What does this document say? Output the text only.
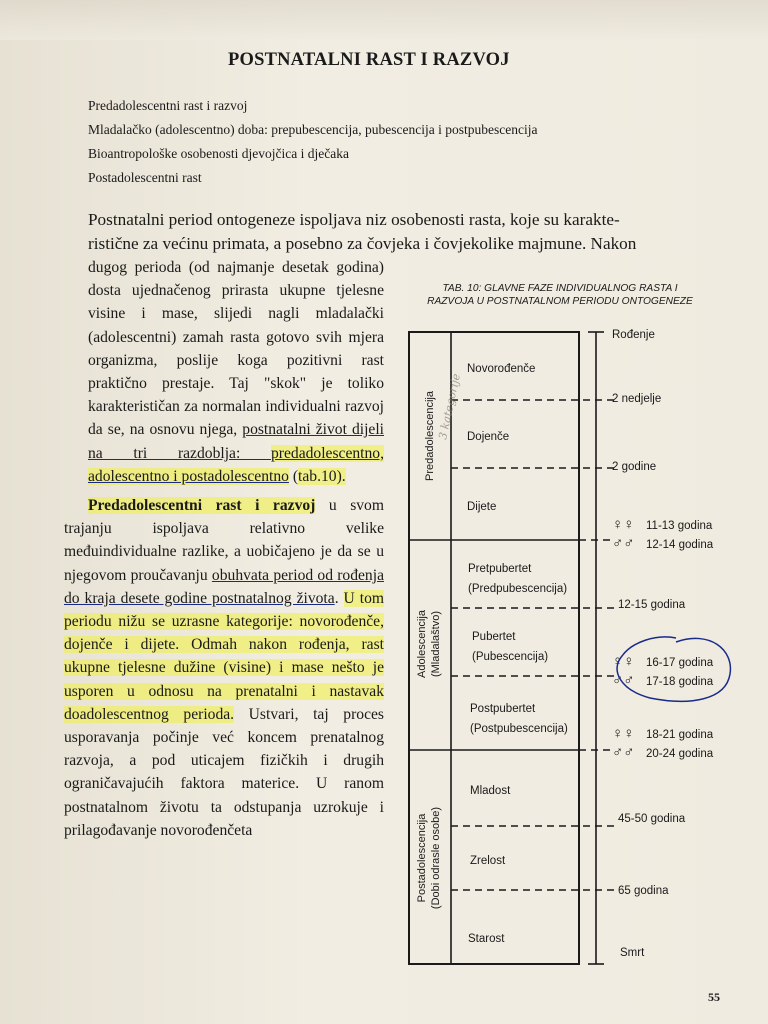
POSTNATALNI RAST I RAZVOJ
Predadolescentni rast i razvoj
Mladalačko (adolescentno) doba: prepubescencija, pubescencija i postpubescencija
Bioantropološke osobenosti djevojčica i dječaka
Postadolescentni rast
Postnatalni period ontogeneze ispoljava niz osobenosti rasta, koje su karakte-
ristične za većinu primata, a posebno za čovjeka i čovjekolike majmune. Nakon

dugog perioda (od najmanje desetak godina) dosta ujednačenog prirasta ukupne tjelesne visine i mase, slijedi nagli mladalački (adolescentni) zamah rasta gotovo svih mjera organizma, poslije koga pozitivni rast praktično prestaje. Taj "skok" je toliko karakterističan za normalan individualni razvoj da se, na osnovu njega, postnatalni život dijeli na tri razdoblja: predadolescentno, adolescentno i postadolescentno (tab.10).

Predadolescentni rast i razvoj u svom trajanju ispoljava relativno velike međuindividualne razlike, a uobičajeno je da se u njegovom proučavanju obuhvata period od rođenja do kraja desete godine postnatalnog života. U tom periodu nižu se uzrasne kategorije: novorođenče, dojenče i dijete. Odmah nakon rođenja, rast ukupne tjelesne dužine (visine) i mase nešto je usporen u odnosu na prenatalni i nastavak doadolescentnog perioda. Ustvari, taj proces usporavanja počinje već koncem prenatalnog razvoja, a pod uticajem fizičkih i drugih ograničavajućih faktora materice. U ranom postnatalnom životu ta odstupanja uzrokuje i prilagođavanje novorođenčeta

TAB. 10: GLAVNE FAZE INDIVIDUALNOG RASTA I
RAZVOJA U POSTNATALNOM PERIODU ONTOGENEZE
Predadolescencija
Adolescencija (Mladalaštvo)
Postadolescencija (Dobi odrasle osobe)
3 kategorije
Novorođenče
Dojenče
Dijete
Pretpubertet
(Predpubescencija)
Pubertet
(Pubescencija)
Postpubertet
(Postpubescencija)
Mladost
Zrelost
Starost
Rođenje
2 nedjelje
2 godine
♀♀ 11-13 godina
♂♂ 12-14 godina
12-15 godina
♀♀ 16-17 godina
♂♂ 17-18 godina
♀♀ 18-21 godina
♂♂ 20-24 godina
45-50 godina
65 godina
Smrt
55
